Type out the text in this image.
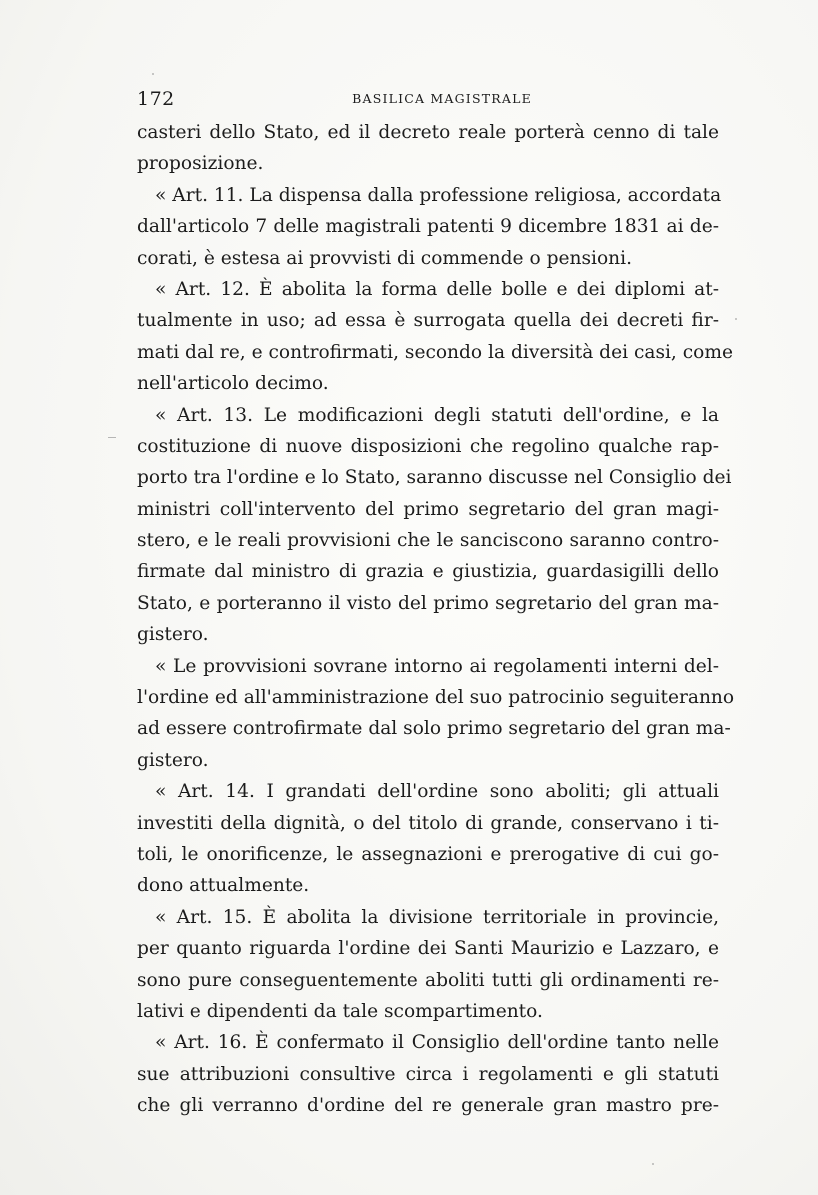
172	BASILICA MAGISTRALE
casteri dello Stato, ed il decreto reale porterà cenno di tale
proposizione.
« Art. 11. La dispensa dalla professione religiosa, accordata
dall'articolo 7 delle magistrali patenti 9 dicembre 1831 ai de-
corati, è estesa ai provvisti di commende o pensioni.
« Art. 12. È abolita la forma delle bolle e dei diplomi at-
tualmente in uso; ad essa è surrogata quella dei decreti fir-
mati dal re, e controfirmati, secondo la diversità dei casi, come
nell'articolo decimo.
« Art. 13. Le modificazioni degli statuti dell'ordine, e la
costituzione di nuove disposizioni che regolino qualche rap-
porto tra l'ordine e lo Stato, saranno discusse nel Consiglio dei
ministri coll'intervento del primo segretario del gran magi-
stero, e le reali provvisioni che le sanciscono saranno contro-
firmate dal ministro di grazia e giustizia, guardasigilli dello
Stato, e porteranno il visto del primo segretario del gran ma-
gistero.
« Le provvisioni sovrane intorno ai regolamenti interni del-
l'ordine ed all'amministrazione del suo patrocinio seguiteranno
ad essere controfirmate dal solo primo segretario del gran ma-
gistero.
« Art. 14. I grandati dell'ordine sono aboliti; gli attuali
investiti della dignità, o del titolo di grande, conservano i ti-
toli, le onorificenze, le assegnazioni e prerogative di cui go-
dono attualmente.
« Art. 15. È abolita la divisione territoriale in provincie,
per quanto riguarda l'ordine dei Santi Maurizio e Lazzaro, e
sono pure conseguentemente aboliti tutti gli ordinamenti re-
lativi e dipendenti da tale scompartimento.
« Art. 16. È confermato il Consiglio dell'ordine tanto nelle
sue attribuzioni consultive circa i regolamenti e gli statuti
che gli verranno d'ordine del re generale gran mastro pre-
